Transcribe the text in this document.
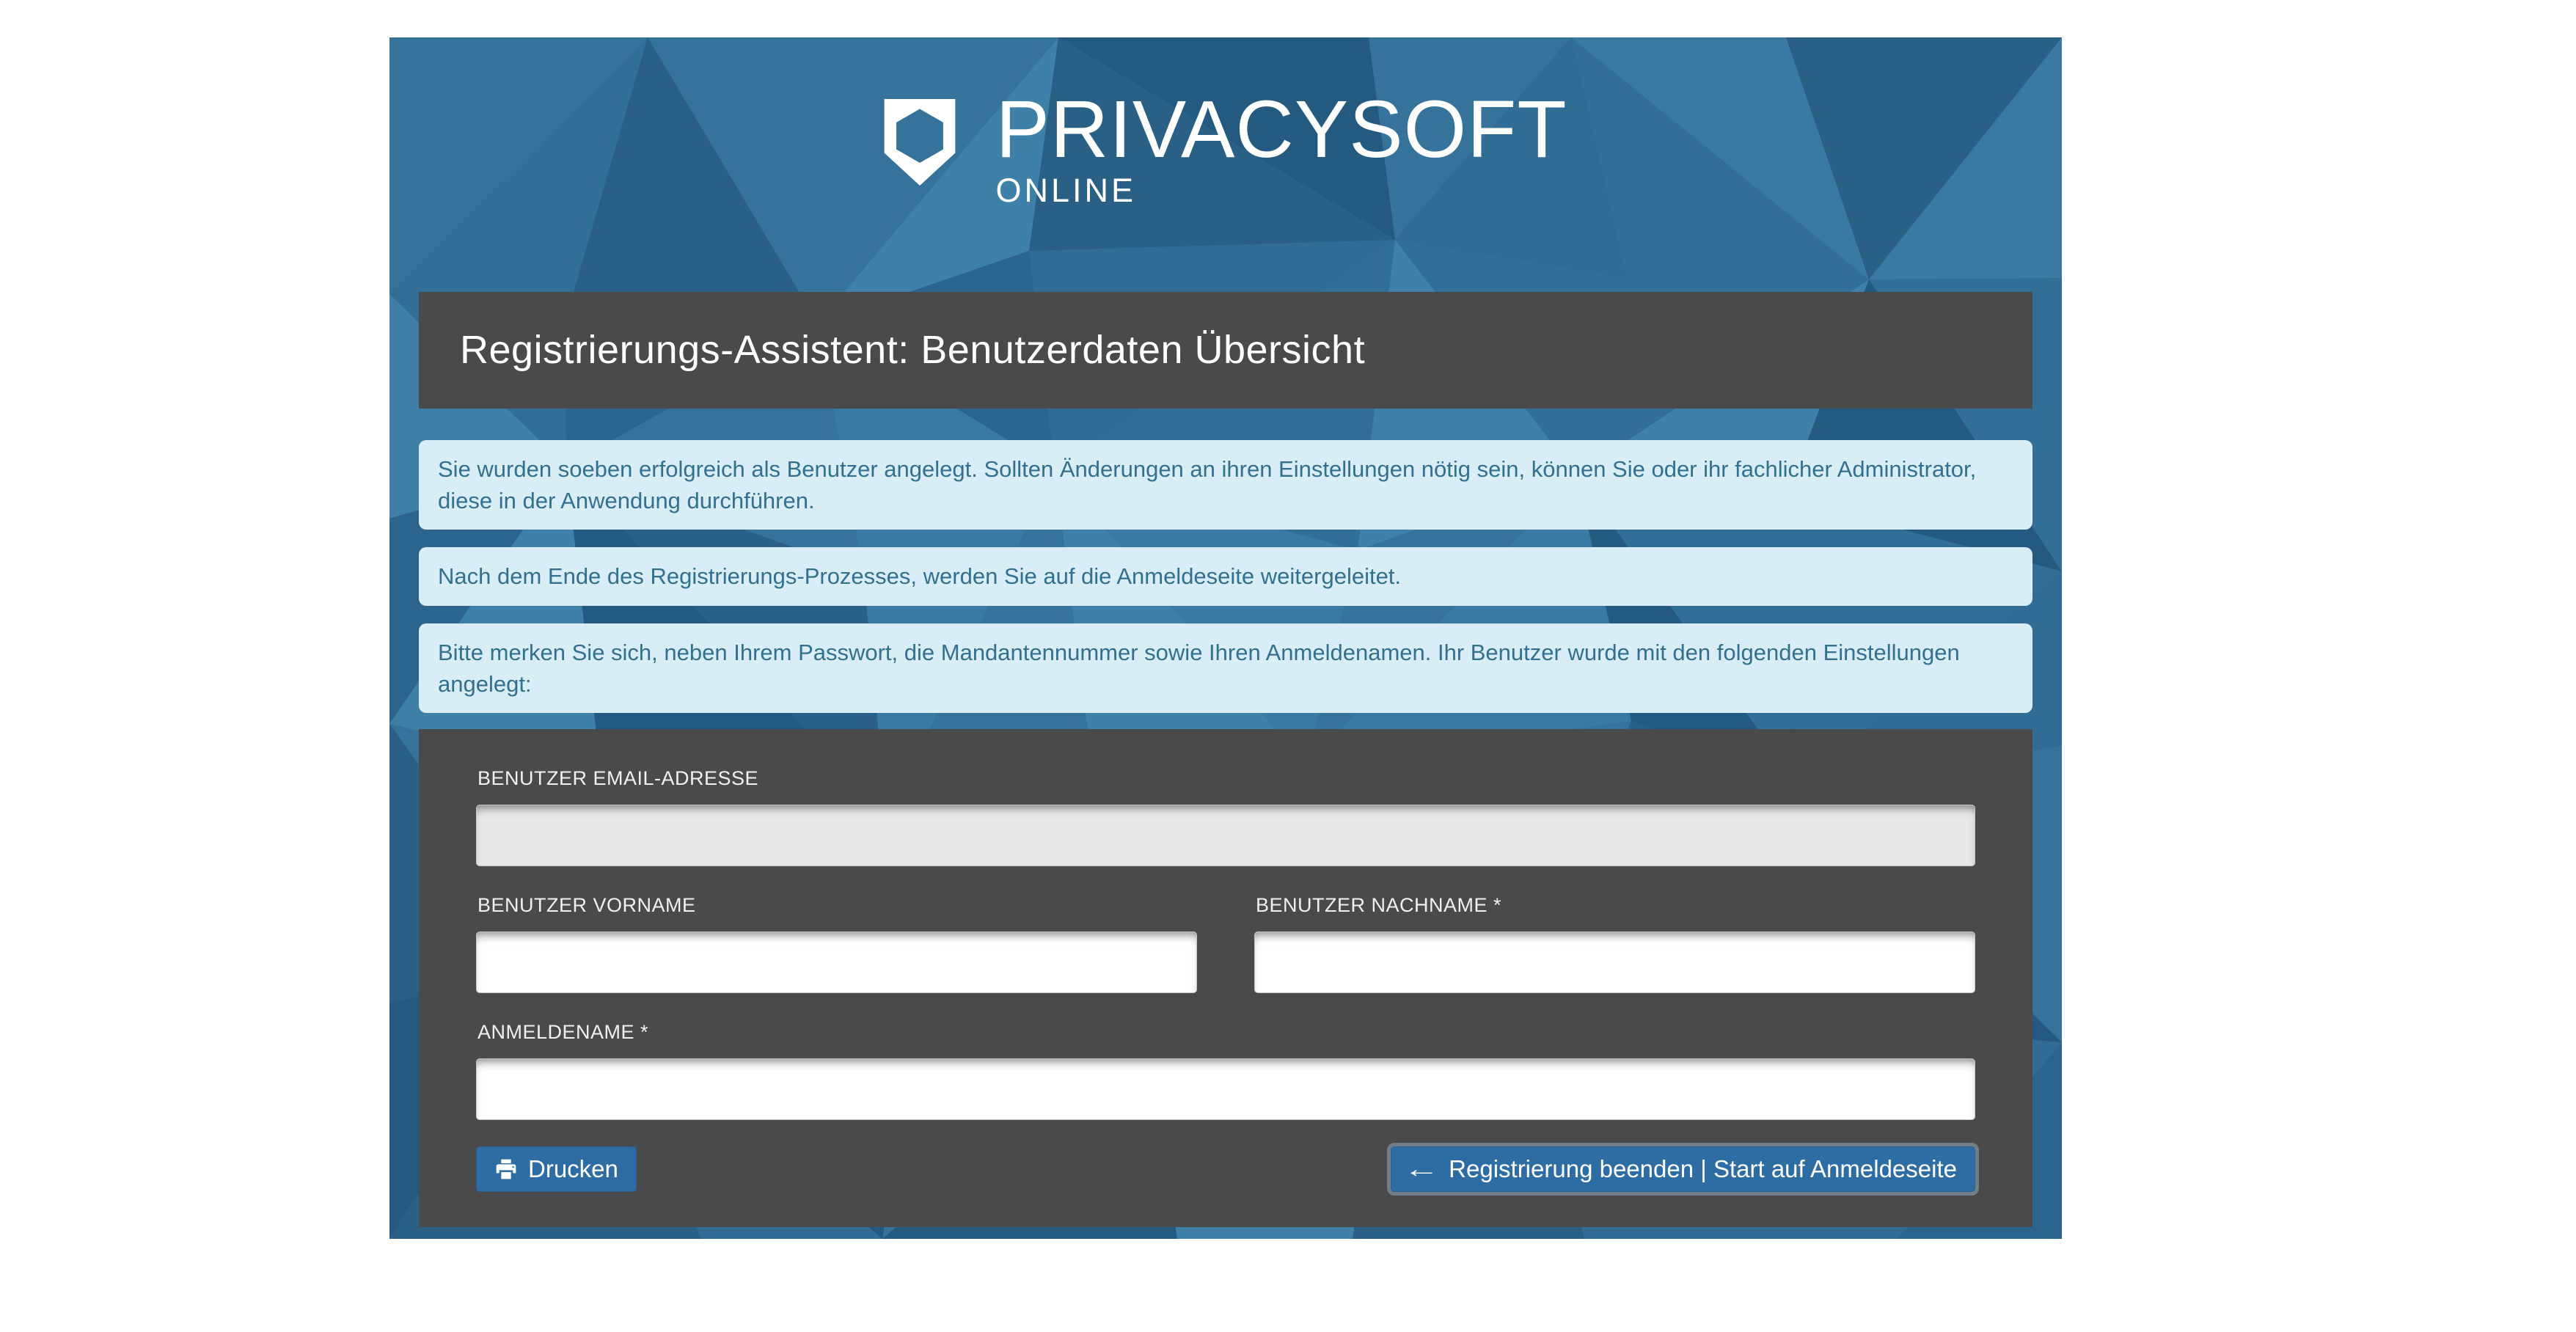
PRIVACYSOFT
ONLINE
Registrierungs-Assistent: Benutzerdaten Übersicht
Sie wurden soeben erfolgreich als Benutzer angelegt. Sollten Änderungen an ihren Einstellungen nötig sein, können Sie oder ihr fachlicher Administrator, diese in der Anwendung durchführen.
Nach dem Ende des Registrierungs-Prozesses, werden Sie auf die Anmeldeseite weitergeleitet.
Bitte merken Sie sich, neben Ihrem Passwort, die Mandantennummer sowie Ihren Anmeldenamen. Ihr Benutzer wurde mit den folgenden Einstellungen angelegt:
BENUTZER EMAIL-ADRESSE
BENUTZER VORNAME	BENUTZER NACHNAME *
ANMELDENAME *
Drucken	← Registrierung beenden | Start auf Anmeldeseite
